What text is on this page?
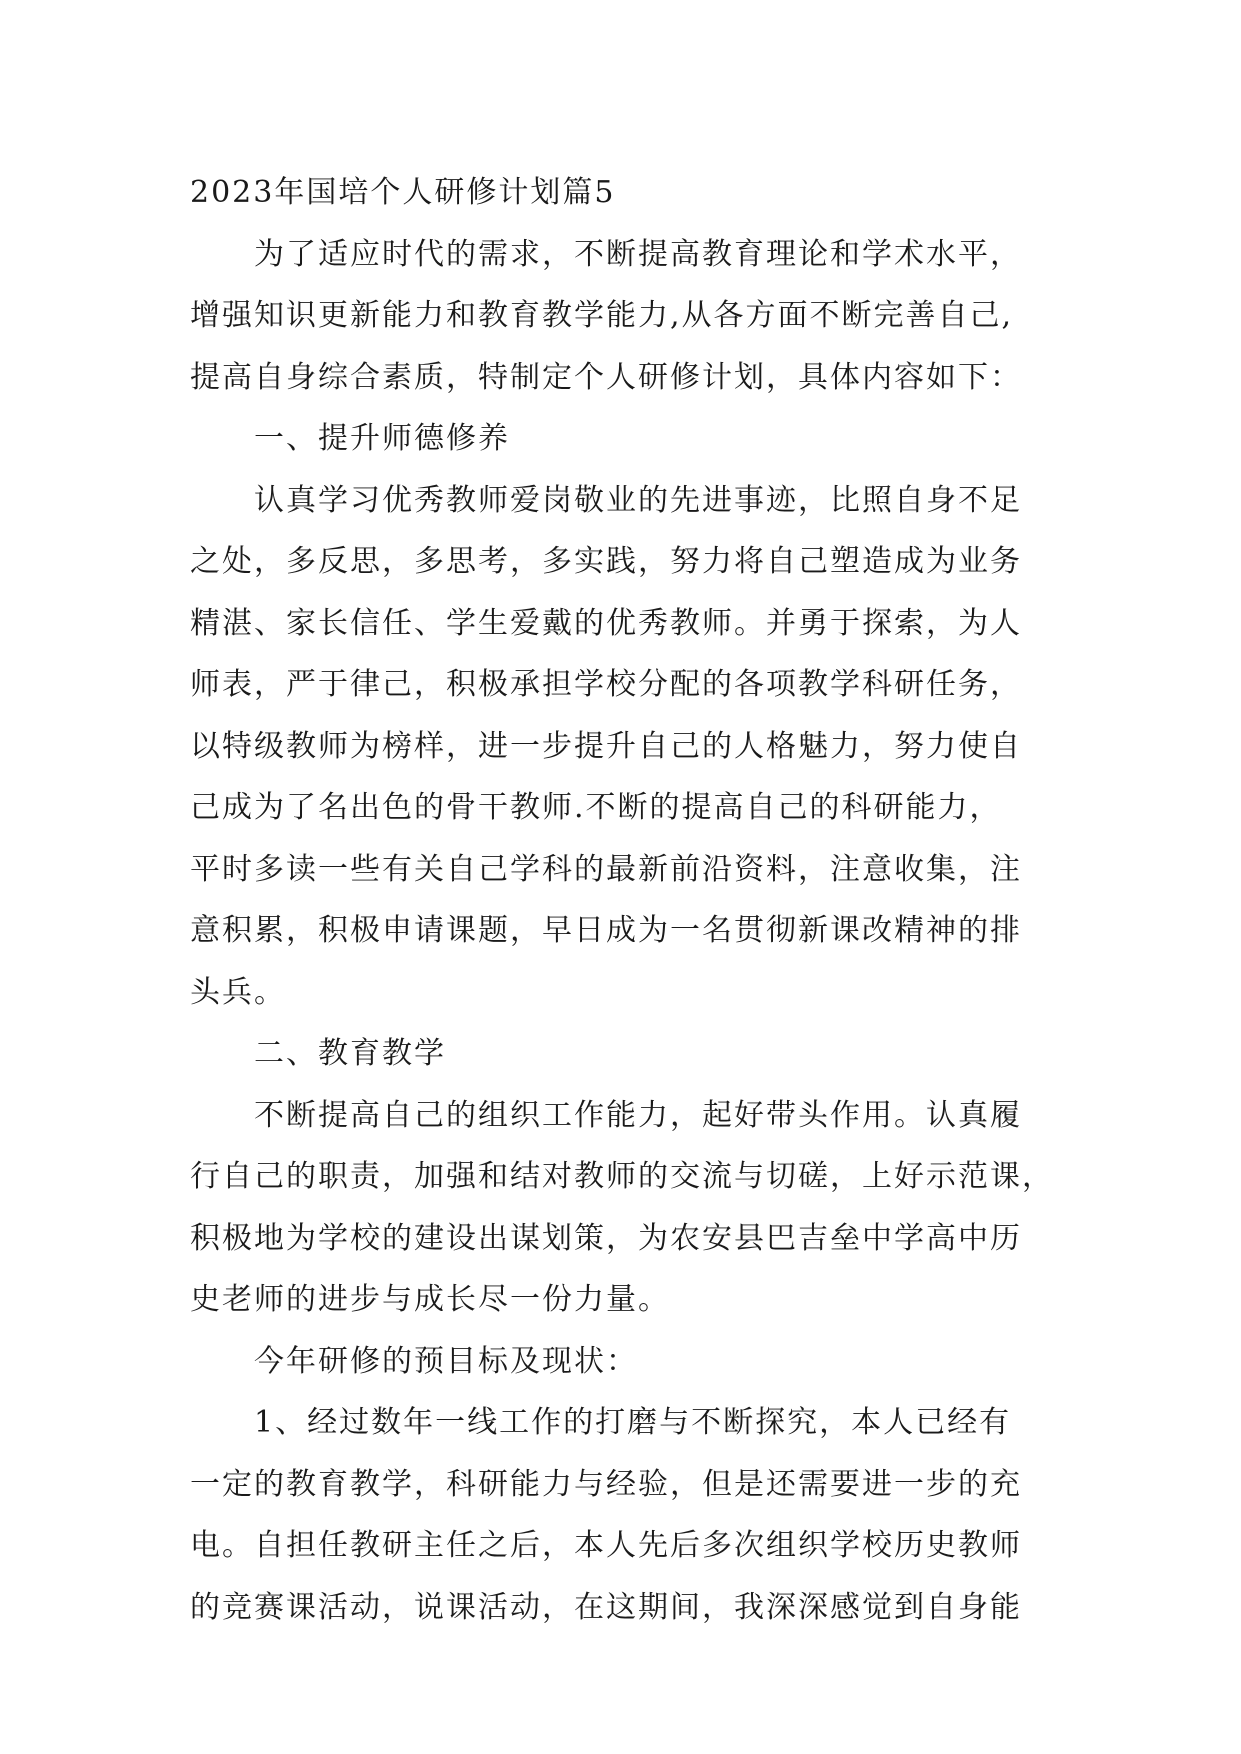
2023年国培个人研修计划篇5
为了适应时代的需求，不断提高教育理论和学术水平，
增强知识更新能力和教育教学能力,从各方面不断完善自己,
提高自身综合素质，特制定个人研修计划，具体内容如下：
一、提升师德修养
认真学习优秀教师爱岗敬业的先进事迹，比照自身不足
之处，多反思，多思考，多实践，努力将自己塑造成为业务
精湛、家长信任、学生爱戴的优秀教师。并勇于探索，为人
师表，严于律己，积极承担学校分配的各项教学科研任务，
以特级教师为榜样，进一步提升自己的人格魅力，努力使自
己成为了名出色的骨干教师.不断的提高自己的科研能力，
平时多读一些有关自己学科的最新前沿资料，注意收集，注
意积累，积极申请课题，早日成为一名贯彻新课改精神的排
头兵。
二、教育教学
不断提高自己的组织工作能力，起好带头作用。认真履
行自己的职责，加强和结对教师的交流与切磋，上好示范课，
积极地为学校的建设出谋划策，为农安县巴吉垒中学高中历
史老师的进步与成长尽一份力量。
今年研修的预目标及现状：
1、经过数年一线工作的打磨与不断探究，本人已经有
一定的教育教学，科研能力与经验，但是还需要进一步的充
电。自担任教研主任之后，本人先后多次组织学校历史教师
的竞赛课活动，说课活动，在这期间，我深深感觉到自身能
